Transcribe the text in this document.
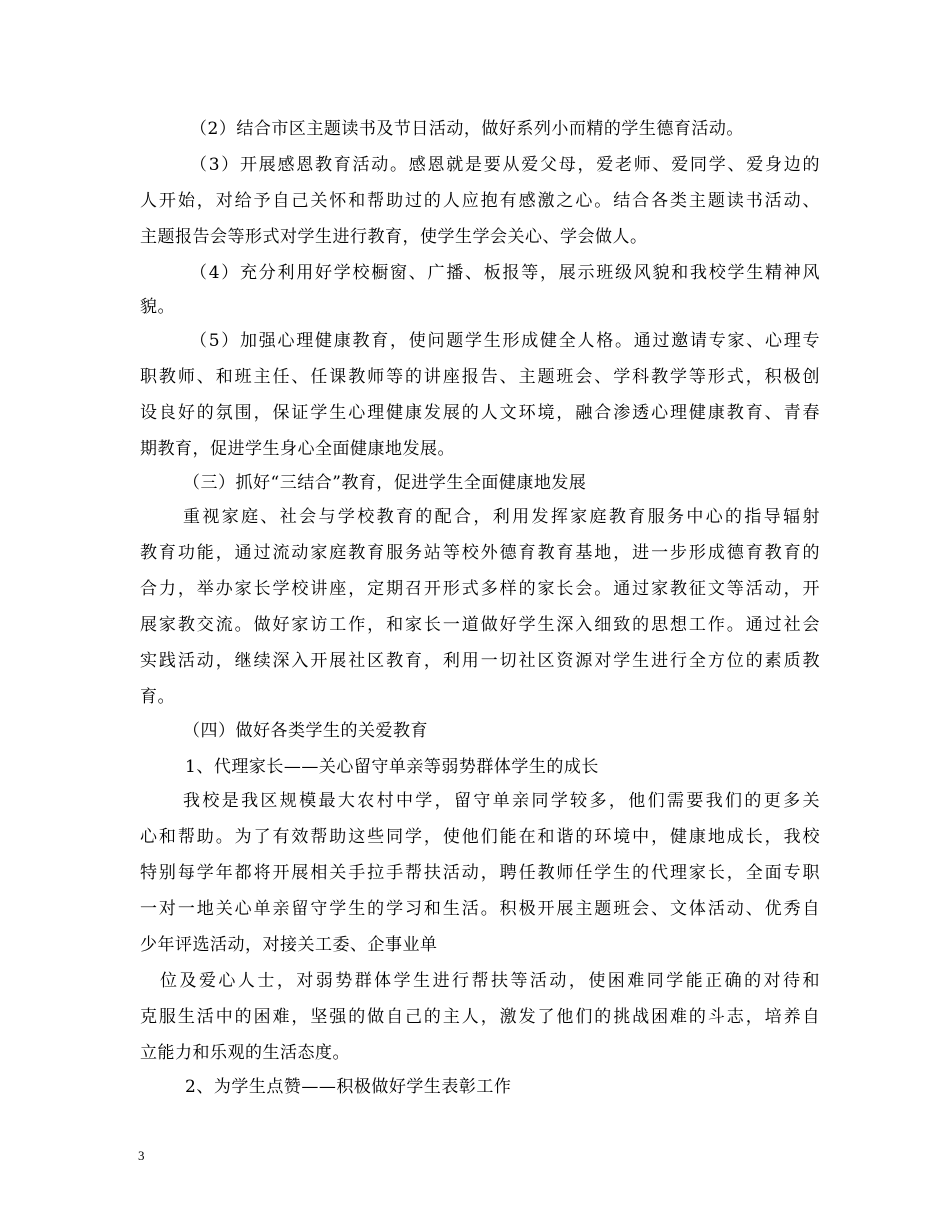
（2）结合市区主题读书及节日活动，做好系列小而精的学生德育活动。
（3）开展感恩教育活动。感恩就是要从爱父母，爱老师、爱同学、爱身边的
人开始，对给予自己关怀和帮助过的人应抱有感激之心。结合各类主题读书活动、
主题报告会等形式对学生进行教育，使学生学会关心、学会做人。
（4）充分利用好学校橱窗、广播、板报等，展示班级风貌和我校学生精神风
貌。
（5）加强心理健康教育，使问题学生形成健全人格。通过邀请专家、心理专
职教师、和班主任、任课教师等的讲座报告、主题班会、学科教学等形式，积极创
设良好的氛围，保证学生心理健康发展的人文环境，融合渗透心理健康教育、青春
期教育，促进学生身心全面健康地发展。
（三）抓好“三结合”教育，促进学生全面健康地发展
重视家庭、社会与学校教育的配合，利用发挥家庭教育服务中心的指导辐射
教育功能，通过流动家庭教育服务站等校外德育教育基地，进一步形成德育教育的
合力，举办家长学校讲座，定期召开形式多样的家长会。通过家教征文等活动，开
展家教交流。做好家访工作，和家长一道做好学生深入细致的思想工作。通过社会
实践活动，继续深入开展社区教育，利用一切社区资源对学生进行全方位的素质教
育。
（四）做好各类学生的关爱教育
1、代理家长——关心留守单亲等弱势群体学生的成长
我校是我区规模最大农村中学，留守单亲同学较多，他们需要我们的更多关
心和帮助。为了有效帮助这些同学，使他们能在和谐的环境中，健康地成长，我校
特别每学年都将开展相关手拉手帮扶活动，聘任教师任学生的代理家长，全面专职
一对一地关心单亲留守学生的学习和生活。积极开展主题班会、文体活动、优秀自
少年评选活动，对接关工委、企事业单
位及爱心人士，对弱势群体学生进行帮扶等活动，使困难同学能正确的对待和
克服生活中的困难，坚强的做自己的主人，激发了他们的挑战困难的斗志，培养自
立能力和乐观的生活态度。
2、为学生点赞——积极做好学生表彰工作
3
